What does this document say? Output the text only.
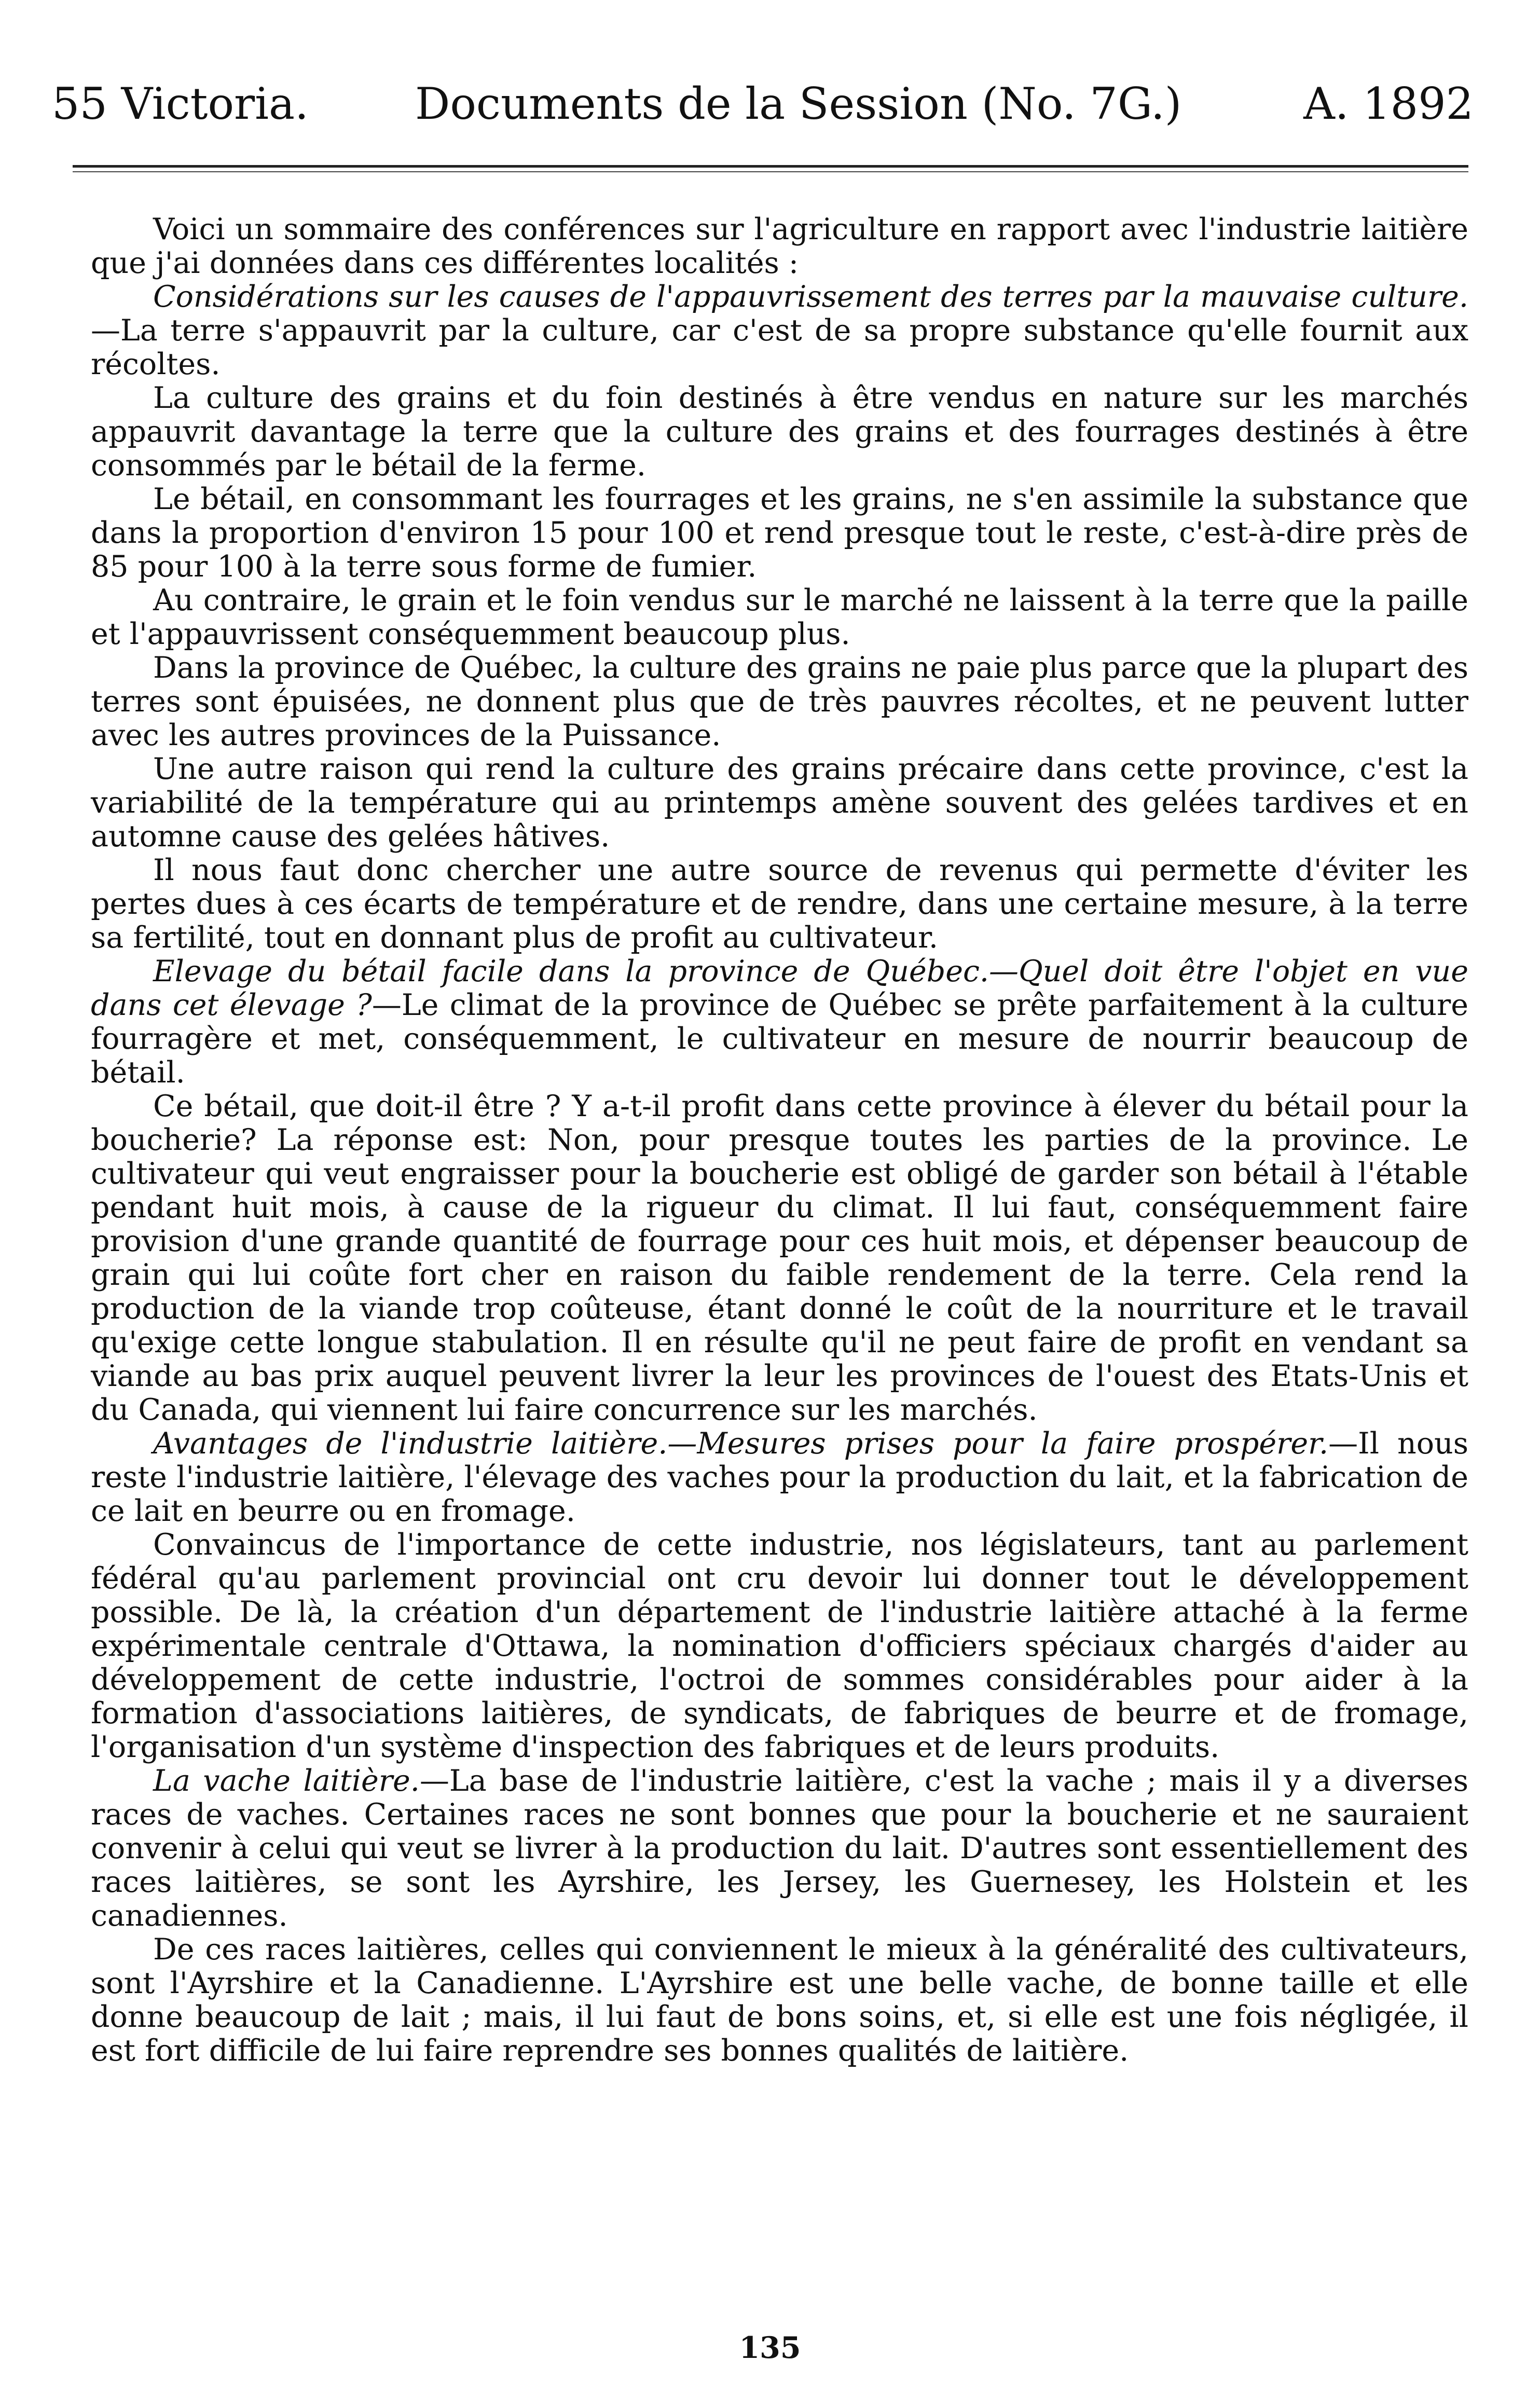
55 Victoria. Documents de la Session (No. 7G.)	A. 1892

Voici un sommaire des conférences sur l'agriculture en rapport avec l'industrie laitière que j'ai données dans ces différentes localités :

Considérations sur les causes de l'appauvrissement des terres par la mauvaise culture.—La terre s'appauvrit par la culture, car c'est de sa propre substance qu'elle fournit aux récoltes.

La culture des grains et du foin destinés à être vendus en nature sur les marchés appauvrit davantage la terre que la culture des grains et des fourrages destinés à être consommés par le bétail de la ferme.

Le bétail, en consommant les fourrages et les grains, ne s'en assimile la substance que dans la proportion d'environ 15 pour 100 et rend presque tout le reste, c'est-à-dire près de 85 pour 100 à la terre sous forme de fumier.

Au contraire, le grain et le foin vendus sur le marché ne laissent à la terre que la paille et l'appauvrissent conséquemment beaucoup plus.

Dans la province de Québec, la culture des grains ne paie plus parce que la plupart des terres sont épuisées, ne donnent plus que de très pauvres récoltes, et ne peuvent lutter avec les autres provinces de la Puissance.

Une autre raison qui rend la culture des grains précaire dans cette province, c'est la variabilité de la température qui au printemps amène souvent des gelées tardives et en automne cause des gelées hâtives.

Il nous faut donc chercher une autre source de revenus qui permette d'éviter les pertes dues à ces écarts de température et de rendre, dans une certaine mesure, à la terre sa fertilité, tout en donnant plus de profit au cultivateur.

Elevage du bétail facile dans la province de Québec.—Quel doit être l'objet en vue dans cet élevage ?—Le climat de la province de Québec se prête parfaitement à la culture fourragère et met, conséquemment, le cultivateur en mesure de nourrir beaucoup de bétail.

Ce bétail, que doit-il être ? Y a-t-il profit dans cette province à élever du bétail pour la boucherie? La réponse est: Non, pour presque toutes les parties de la province. Le cultivateur qui veut engraisser pour la boucherie est obligé de garder son bétail à l'étable pendant huit mois, à cause de la rigueur du climat. Il lui faut, conséquemment faire provision d'une grande quantité de fourrage pour ces huit mois, et dépenser beaucoup de grain qui lui coûte fort cher en raison du faible rendement de la terre. Cela rend la production de la viande trop coûteuse, étant donné le coût de la nourriture et le travail qu'exige cette longue stabulation. Il en résulte qu'il ne peut faire de profit en vendant sa viande au bas prix auquel peuvent livrer la leur les provinces de l'ouest des Etats-Unis et du Canada, qui viennent lui faire concurrence sur les marchés.

Avantages de l'industrie laitière.—Mesures prises pour la faire prospérer.—Il nous reste l'industrie laitière, l'élevage des vaches pour la production du lait, et la fabrication de ce lait en beurre ou en fromage.

Convaincus de l'importance de cette industrie, nos législateurs, tant au parlement fédéral qu'au parlement provincial ont cru devoir lui donner tout le développement possible. De là, la création d'un département de l'industrie laitière attaché à la ferme expérimentale centrale d'Ottawa, la nomination d'officiers spéciaux chargés d'aider au développement de cette industrie, l'octroi de sommes considérables pour aider à la formation d'associations laitières, de syndicats, de fabriques de beurre et de fromage, l'organisation d'un système d'inspection des fabriques et de leurs produits.

La vache laitière.—La base de l'industrie laitière, c'est la vache ; mais il y a diverses races de vaches. Certaines races ne sont bonnes que pour la boucherie et ne sauraient convenir à celui qui veut se livrer à la production du lait. D'autres sont essentiellement des races laitières, se sont les Ayrshire, les Jersey, les Guernesey, les Holstein et les canadiennes.

De ces races laitières, celles qui conviennent le mieux à la généralité des cultivateurs, sont l'Ayrshire et la Canadienne. L'Ayrshire est une belle vache, de bonne taille et elle donne beaucoup de lait ; mais, il lui faut de bons soins, et, si elle est une fois négligée, il est fort difficile de lui faire reprendre ses bonnes qualités de laitière.

135
